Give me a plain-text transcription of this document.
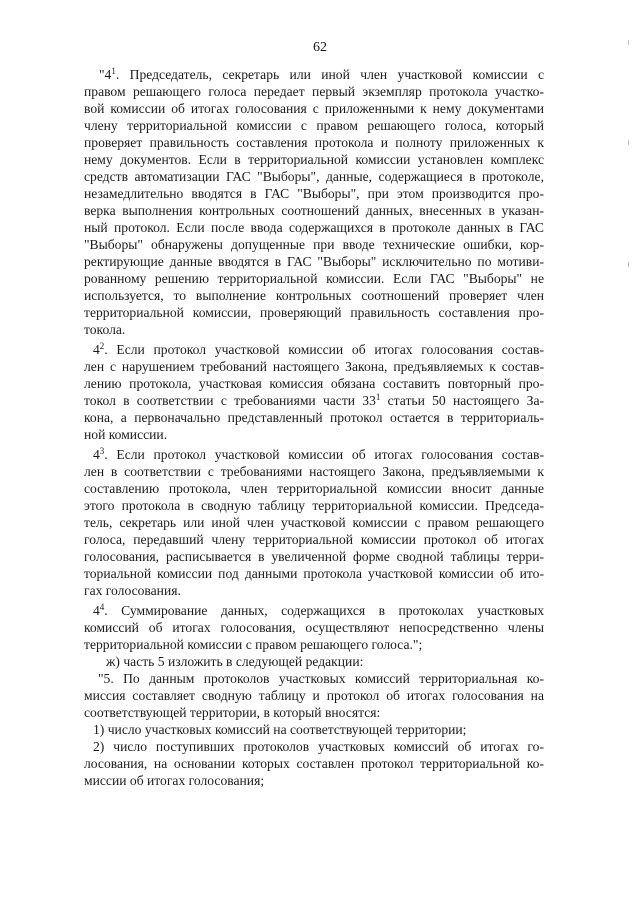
62
"$4^1$. Председатель, секретарь или иной член участковой комиссии с
правом решающего голоса передает первый экземпляр протокола участко-
вой комиссии об итогах голосования с приложенными к нему документами
члену территориальной комиссии с правом решающего голоса, который
проверяет правильность составления протокола и полноту приложенных к
нему документов. Если в территориальной комиссии установлен комплекс
средств автоматизации ГАС "Выборы", данные, содержащиеся в протоколе,
незамедлительно вводятся в ГАС "Выборы", при этом производится про-
верка выполнения контрольных соотношений данных, внесенных в указан-
ный протокол. Если после ввода содержащихся в протоколе данных в ГАС
"Выборы" обнаружены допущенные при вводе технические ошибки, кор-
ректирующие данные вводятся в ГАС "Выборы" исключительно по мотиви-
рованному решению территориальной комиссии. Если ГАС "Выборы" не
используется, то выполнение контрольных соотношений проверяет член
территориальной комиссии, проверяющий правильность составления про-
токола.
$4^2$. Если протокол участковой комиссии об итогах голосования состав-
лен с нарушением требований настоящего Закона, предъявляемых к состав-
лению протокола, участковая комиссия обязана составить повторный про-
токол в соответствии с требованиями части $33^1$ статьи 50 настоящего За-
кона, а первоначально представленный протокол остается в территориаль-
ной комиссии.
$4^3$. Если протокол участковой комиссии об итогах голосования состав-
лен в соответствии с требованиями настоящего Закона, предъявляемыми к
составлению протокола, член территориальной комиссии вносит данные
этого протокола в сводную таблицу территориальной комиссии. Председа-
тель, секретарь или иной член участковой комиссии с правом решающего
голоса, передавший члену территориальной комиссии протокол об итогах
голосования, расписывается в увеличенной форме сводной таблицы терри-
ториальной комиссии под данными протокола участковой комиссии об ито-
гах голосования.
$4^4$. Суммирование данных, содержащихся в протоколах участковых
комиссий об итогах голосования, осуществляют непосредственно члены
территориальной комиссии с правом решающего голоса.";
ж) часть 5 изложить в следующей редакции:
"5. По данным протоколов участковых комиссий территориальная ко-
миссия составляет сводную таблицу и протокол об итогах голосования на
соответствующей территории, в который вносятся:
1) число участковых комиссий на соответствующей территории;
2) число поступивших протоколов участковых комиссий об итогах го-
лосования, на основании которых составлен протокол территориальной ко-
миссии об итогах голосования;
